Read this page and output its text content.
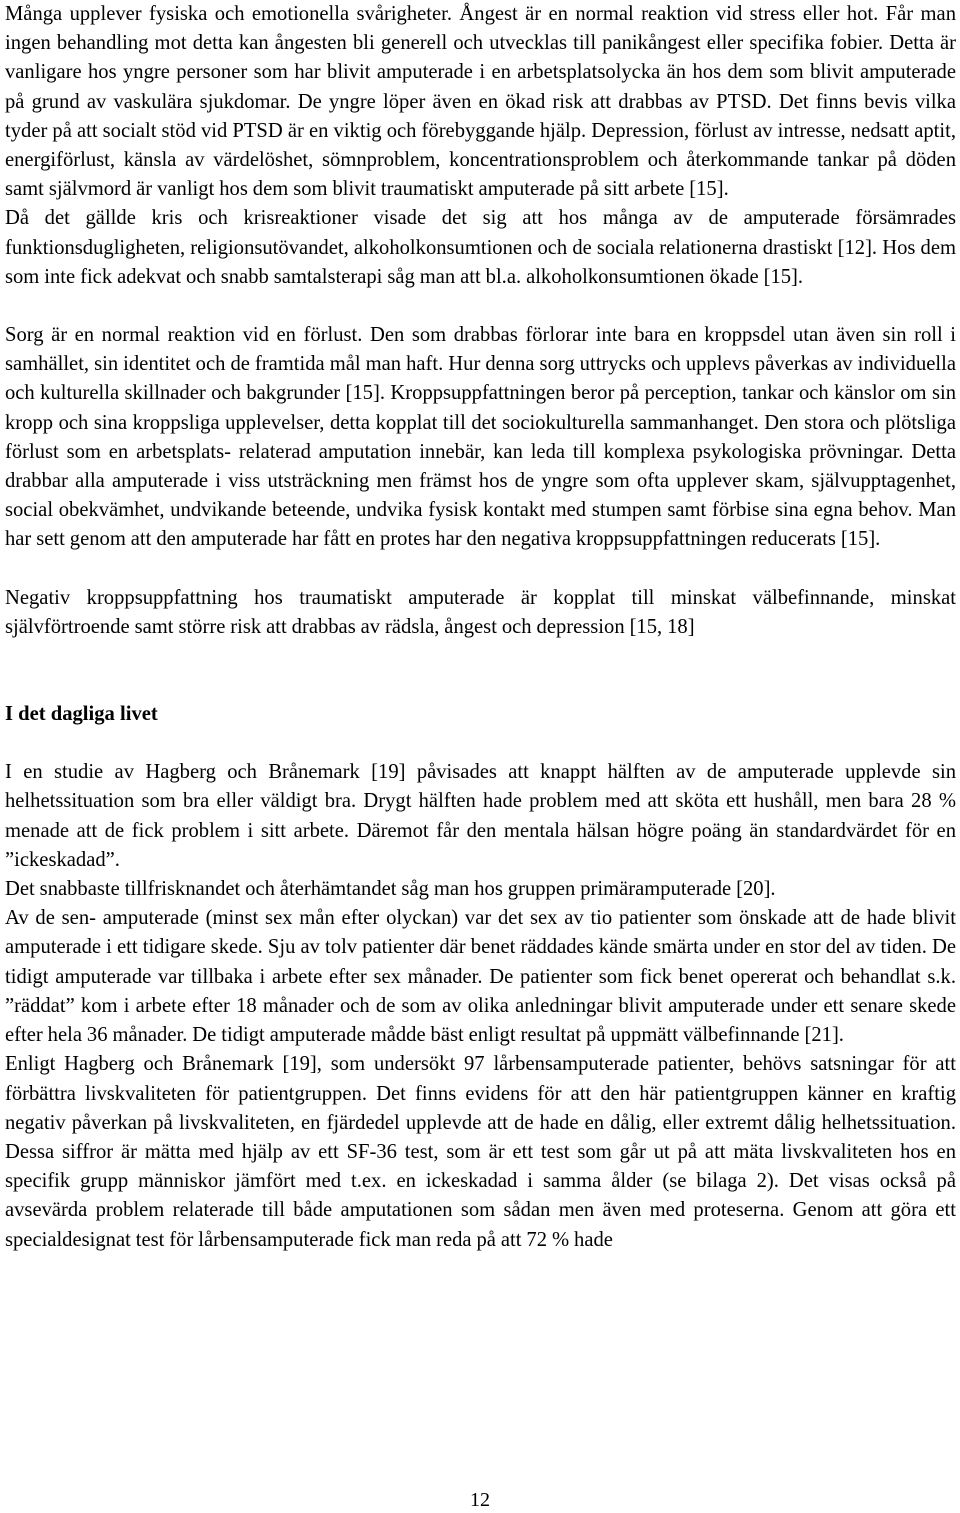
Många upplever fysiska och emotionella svårigheter. Ångest är en normal reaktion vid stress eller hot. Får man ingen behandling mot detta kan ångesten bli generell och utvecklas till panikångest eller specifika fobier. Detta är vanligare hos yngre personer som har blivit amputerade i en arbetsplatsolycka än hos dem som blivit amputerade på grund av vaskulära sjukdomar. De yngre löper även en ökad risk att drabbas av PTSD. Det finns bevis vilka tyder på att socialt stöd vid PTSD är en viktig och förebyggande hjälp. Depression, förlust av intresse, nedsatt aptit, energiförlust, känsla av värdelöshet, sömnproblem, koncentrationsproblem och återkommande tankar på döden samt självmord är vanligt hos dem som blivit traumatiskt amputerade på sitt arbete [15].

Då det gällde kris och krisreaktioner visade det sig att hos många av de amputerade försämrades funktionsdugligheten, religionsutövandet, alkoholkonsumtionen och de sociala relationerna drastiskt [12]. Hos dem som inte fick adekvat och snabb samtalsterapi såg man att bl.a. alkoholkonsumtionen ökade [15].

Sorg är en normal reaktion vid en förlust. Den som drabbas förlorar inte bara en kroppsdel utan även sin roll i samhället, sin identitet och de framtida mål man haft. Hur denna sorg uttrycks och upplevs påverkas av individuella och kulturella skillnader och bakgrunder [15]. Kroppsuppfattningen beror på perception, tankar och känslor om sin kropp och sina kroppsliga upplevelser, detta kopplat till det sociokulturella sammanhanget. Den stora och plötsliga förlust som en arbetsplats- relaterad amputation innebär, kan leda till komplexa psykologiska prövningar. Detta drabbar alla amputerade i viss utsträckning men främst hos de yngre som ofta upplever skam, självupptagenhet, social obekvämhet, undvikande beteende, undvika fysisk kontakt med stumpen samt förbise sina egna behov. Man har sett genom att den amputerade har fått en protes har den negativa kroppsuppfattningen reducerats [15].

Negativ kroppsuppfattning hos traumatiskt amputerade är kopplat till minskat välbefinnande, minskat självförtroende samt större risk att drabbas av rädsla, ångest och depression [15, 18]

I det dagliga livet

I en studie av Hagberg och Brånemark [19] påvisades att knappt hälften av de amputerade upplevde sin helhetssituation som bra eller väldigt bra. Drygt hälften hade problem med att sköta ett hushåll, men bara 28 % menade att de fick problem i sitt arbete. Däremot får den mentala hälsan högre poäng än standardvärdet för en ”ickeskadad”.

Det snabbaste tillfrisknandet och återhämtandet såg man hos gruppen primäramputerade [20].

Av de sen- amputerade (minst sex mån efter olyckan) var det sex av tio patienter som önskade att de hade blivit amputerade i ett tidigare skede. Sju av tolv patienter där benet räddades kände smärta under en stor del av tiden. De tidigt amputerade var tillbaka i arbete efter sex månader. De patienter som fick benet opererat och behandlat s.k. ”räddat” kom i arbete efter 18 månader och de som av olika anledningar blivit amputerade under ett senare skede efter hela 36 månader. De tidigt amputerade mådde bäst enligt resultat på uppmätt välbefinnande [21].

Enligt Hagberg och Brånemark [19], som undersökt 97 lårbensamputerade patienter, behövs satsningar för att förbättra livskvaliteten för patientgruppen. Det finns evidens för att den här patientgruppen känner en kraftig negativ påverkan på livskvaliteten, en fjärdedel upplevde att de hade en dålig, eller extremt dålig helhetssituation. Dessa siffror är mätta med hjälp av ett SF-36 test, som är ett test som går ut på att mäta livskvaliteten hos en specifik grupp människor jämfört med t.ex. en ickeskadad i samma ålder (se bilaga 2). Det visas också på avsevärda problem relaterade till både amputationen som sådan men även med proteserna. Genom att göra ett specialdesignat test för lårbensamputerade fick man reda på att 72 % hade

12
